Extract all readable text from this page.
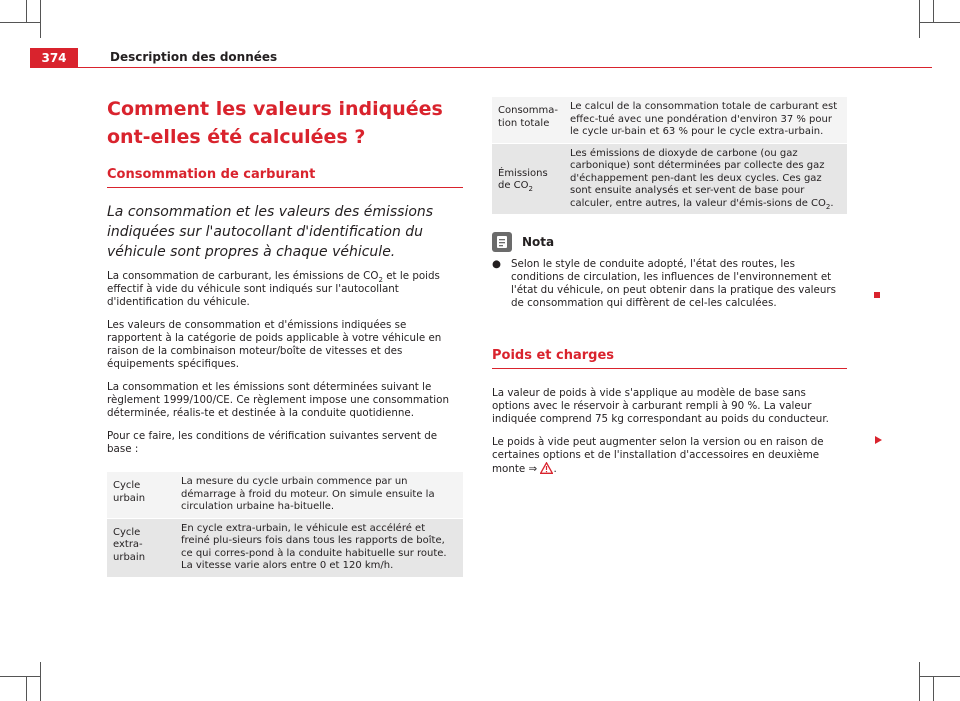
374	Description des données
Comment les valeurs indiquées ont-elles été calculées ?
Consommation de carburant

La consommation et les valeurs des émissions indiquées sur l'autocollant d'identification du véhicule sont propres à chaque véhicule.

La consommation de carburant, les émissions de $CO_2$ et le poids effectif à vide du véhicule sont indiqués sur l'autocollant d'identification du véhicule.

Les valeurs de consommation et d'émissions indiquées se rapportent à la catégorie de poids applicable à votre véhicule en raison de la combinaison moteur/boîte de vitesses et des équipements spécifiques.

La consommation et les émissions sont déterminées suivant le règlement 1999/100/CE. Ce règlement impose une consommation déterminée, réalis-te et destinée à la conduite quotidienne.

Pour ce faire, les conditions de vérification suivantes servent de base :

Cycle urbain	La mesure du cycle urbain commence par un démarrage à froid du moteur. On simule ensuite la circulation urbaine ha-bituelle.
Cycle extra-urbain	En cycle extra-urbain, le véhicule est accéléré et freiné plu-sieurs fois dans tous les rapports de boîte, ce qui corres-pond à la conduite habituelle sur route. La vitesse varie alors entre 0 et 120 km/h.
Consomma-tion totale	Le calcul de la consommation totale de carburant est effec-tué avec une pondération d'environ 37 % pour le cycle ur-bain et 63 % pour le cycle extra-urbain.
Émissions de $CO_2$	Les émissions de dioxyde de carbone (ou gaz carbonique) sont déterminées par collecte des gaz d'échappement pen-dant les deux cycles. Ces gaz sont ensuite analysés et ser-vent de base pour calculer, entre autres, la valeur d'émis-sions de $CO_2$.
Nota
● Selon le style de conduite adopté, l'état des routes, les conditions de circulation, les influences de l'environnement et l'état du véhicule, on peut obtenir dans la pratique des valeurs de consommation qui diffèrent de cel-les calculées.

Poids et charges

La valeur de poids à vide s'applique au modèle de base sans options avec le réservoir à carburant rempli à 90 %. La valeur indiquée comprend 75 kg correspondant au poids du conducteur.

Le poids à vide peut augmenter selon la version ou en raison de certaines options et de l'installation d'accessoires en deuxième monte ⇒ .
